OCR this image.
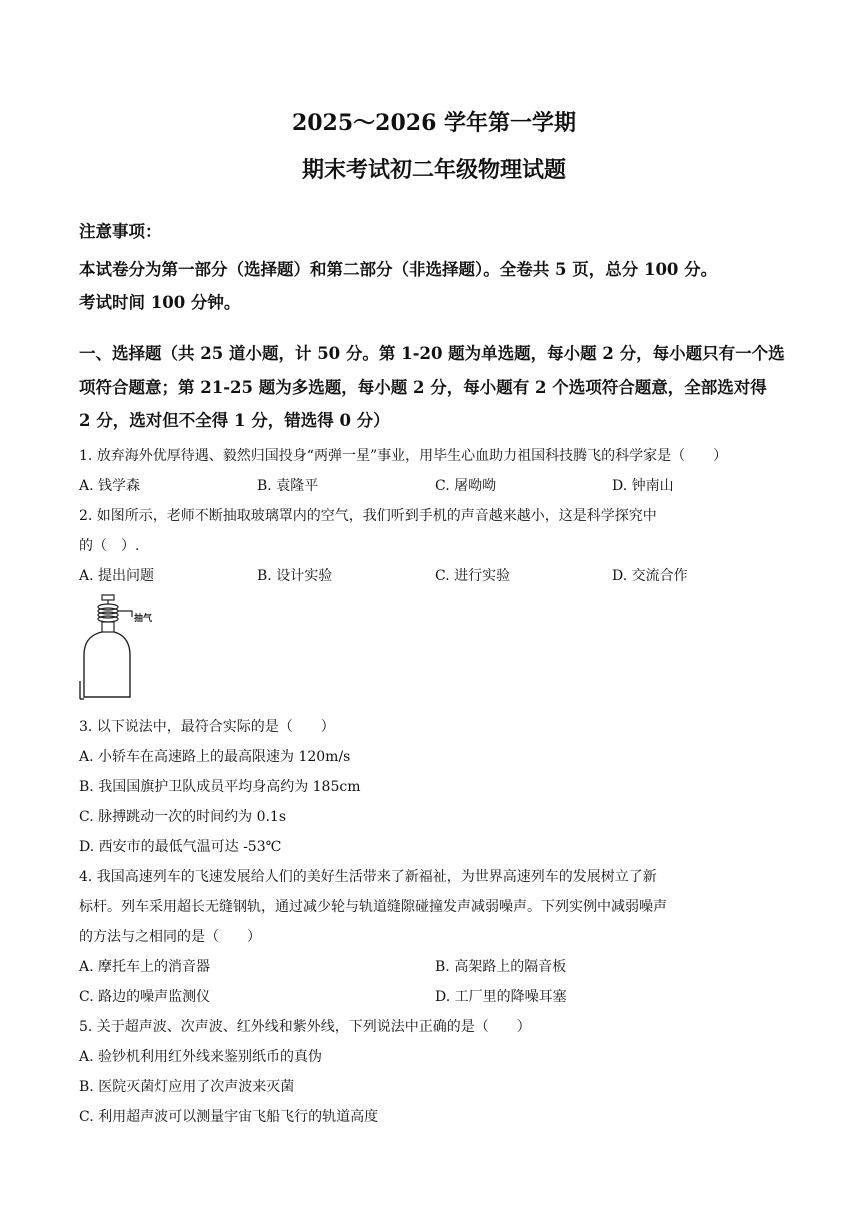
2025～2026 学年第一学期
期末考试初二年级物理试题
注意事项：
本试卷分为第一部分（选择题）和第二部分（非选择题）。全卷共 5 页，总分 100 分。
考试时间 100 分钟。
一、选择题（共 25 道小题，计 50 分。第 1-20 题为单选题，每小题 2 分，每小题只有一个选
项符合题意；第 21-25 题为多选题，每小题 2 分，每小题有 2 个选项符合题意，全部选对得
2 分，选对但不全得 1 分，错选得 0 分）
1. 放弃海外优厚待遇、毅然归国投身“两弹一星”事业，用毕生心血助力祖国科技腾飞的科学家是（　　）
A. 钱学森	B. 袁隆平	C. 屠呦呦	D. 钟南山
2. 如图所示，老师不断抽取玻璃罩内的空气，我们听到手机的声音越来越小，这是科学探究中
的（　）.
A. 提出问题	B. 设计实验	C. 进行实验	D. 交流合作
抽气
3. 以下说法中，最符合实际的是（　　）
A. 小轿车在高速路上的最高限速为 120m/s
B. 我国国旗护卫队成员平均身高约为 185cm
C. 脉搏跳动一次的时间约为 0.1s
D. 西安市的最低气温可达 -53℃
4. 我国高速列车的飞速发展给人们的美好生活带来了新福祉，为世界高速列车的发展树立了新
标杆。列车采用超长无缝钢轨，通过减少轮与轨道缝隙碰撞发声减弱噪声。下列实例中减弱噪声
的方法与之相同的是（　　）
A. 摩托车上的消音器	B. 高架路上的隔音板
C. 路边的噪声监测仪	D. 工厂里的降噪耳塞
5. 关于超声波、次声波、红外线和紫外线，下列说法中正确的是（　　）
A. 验钞机利用红外线来鉴别纸币的真伪
B. 医院灭菌灯应用了次声波来灭菌
C. 利用超声波可以测量宇宙飞船飞行的轨道高度
